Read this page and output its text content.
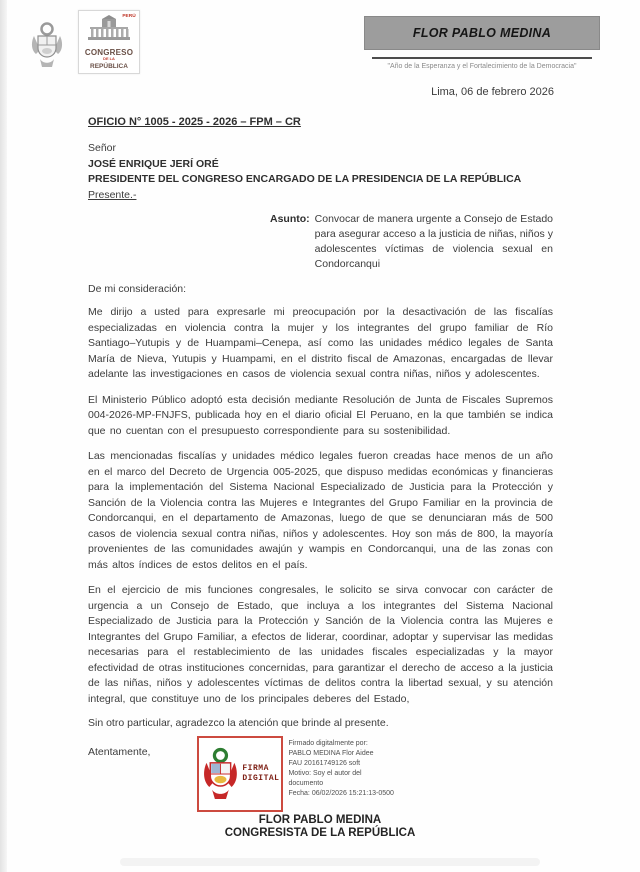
PERÚ
CONGRESO
DE LA
REPÚBLICA
FLOR PABLO MEDINA
"Año de la Esperanza y el Fortalecimiento de la Democracia"
Lima, 06 de febrero 2026
OFICIO N° 1005 - 2025 - 2026 – FPM – CR
Señor
JOSÉ ENRIQUE JERÍ ORÉ
PRESIDENTE DEL CONGRESO ENCARGADO DE LA PRESIDENCIA DE LA REPÚBLICA
Presente.-
Asunto: Convocar de manera urgente a Consejo de Estado para asegurar acceso a la justicia de niñas, niños y adolescentes víctimas de violencia sexual en Condorcanqui
De mi consideración:

Me dirijo a usted para expresarle mi preocupación por la desactivación de las fiscalías especializadas en violencia contra la mujer y los integrantes del grupo familiar de Río Santiago–Yutupis y de Huampami–Cenepa, así como las unidades médico legales de Santa María de Nieva, Yutupis y Huampami, en el distrito fiscal de Amazonas, encargadas de llevar adelante las investigaciones en casos de violencia sexual contra niñas, niños y adolescentes.

El Ministerio Público adoptó esta decisión mediante Resolución de Junta de Fiscales Supremos 004-2026-MP-FNJFS, publicada hoy en el diario oficial El Peruano, en la que también se indica que no cuentan con el presupuesto correspondiente para su sostenibilidad.

Las mencionadas fiscalías y unidades médico legales fueron creadas hace menos de un año en el marco del Decreto de Urgencia 005-2025, que dispuso medidas económicas y financieras para la implementación del Sistema Nacional Especializado de Justicia para la Protección y Sanción de la Violencia contra las Mujeres e Integrantes del Grupo Familiar en la provincia de Condorcanqui, en el departamento de Amazonas, luego de que se denunciaran más de 500 casos de violencia sexual contra niñas, niños y adolescentes. Hoy son más de 800, la mayoría provenientes de las comunidades awajún y wampis en Condorcanqui, una de las zonas con más altos índices de estos delitos en el país.

En el ejercicio de mis funciones congresales, le solicito se sirva convocar con carácter de urgencia a un Consejo de Estado, que incluya a los integrantes del Sistema Nacional Especializado de Justicia para la Protección y Sanción de la Violencia contra las Mujeres e Integrantes del Grupo Familiar, a efectos de liderar, coordinar, adoptar y supervisar las medidas necesarias para el restablecimiento de las unidades fiscales especializadas y la mayor efectividad de otras instituciones concernidas, para garantizar el derecho de acceso a la justicia de las niñas, niños y adolescentes víctimas de delitos contra la libertad sexual, y su atención integral, que constituye uno de los principales deberes del Estado,

Sin otro particular, agradezco la atención que brinde al presente.
Atentamente,
FIRMA
DIGITAL
Firmado digitalmente por:
PABLO MEDINA Flor Aidee
FAU 20161749126 soft
Motivo: Soy el autor del
documento
Fecha: 06/02/2026 15:21:13-0500
FLOR PABLO MEDINA
CONGRESISTA DE LA REPÚBLICA
